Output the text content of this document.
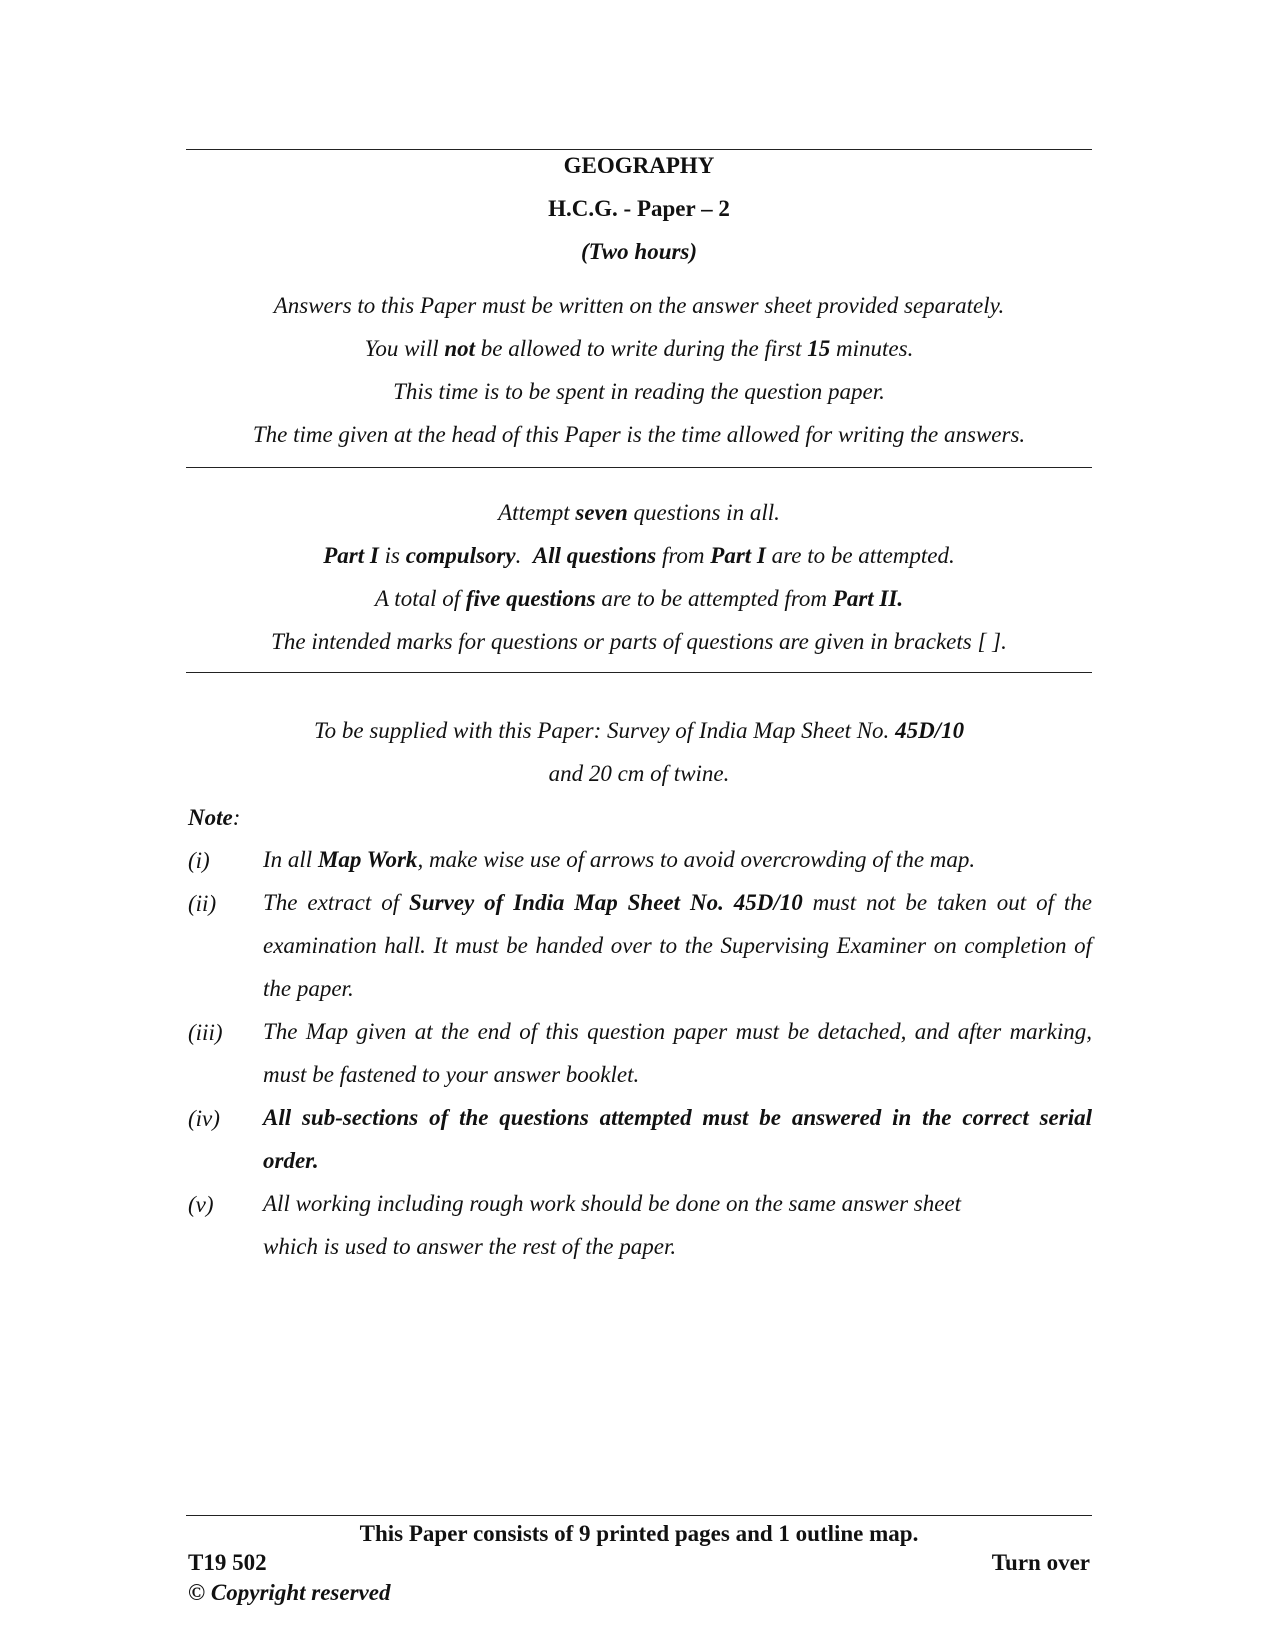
GEOGRAPHY
H.C.G. - Paper – 2
(Two hours)
Answers to this Paper must be written on the answer sheet provided separately.
You will not be allowed to write during the first 15 minutes.
This time is to be spent in reading the question paper.
The time given at the head of this Paper is the time allowed for writing the answers.
Attempt seven questions in all.
Part I is compulsory.  All questions from Part I are to be attempted.
A total of five questions are to be attempted from Part II.
The intended marks for questions or parts of questions are given in brackets [ ].
To be supplied with this Paper: Survey of India Map Sheet No. 45D/10
and 20 cm of twine.
Note:
(i) In all Map Work, make wise use of arrows to avoid overcrowding of the map.
(ii) The extract of Survey of India Map Sheet No. 45D/10 must not be taken out of the examination hall. It must be handed over to the Supervising Examiner on completion of the paper.
(iii) The Map given at the end of this question paper must be detached, and after marking, must be fastened to your answer booklet.
(iv) All sub-sections of the questions attempted must be answered in the correct serial order.
(v) All working including rough work should be done on the same answer sheet
which is used to answer the rest of the paper.
This Paper consists of 9 printed pages and 1 outline map.
T19 502	Turn over
© Copyright reserved
